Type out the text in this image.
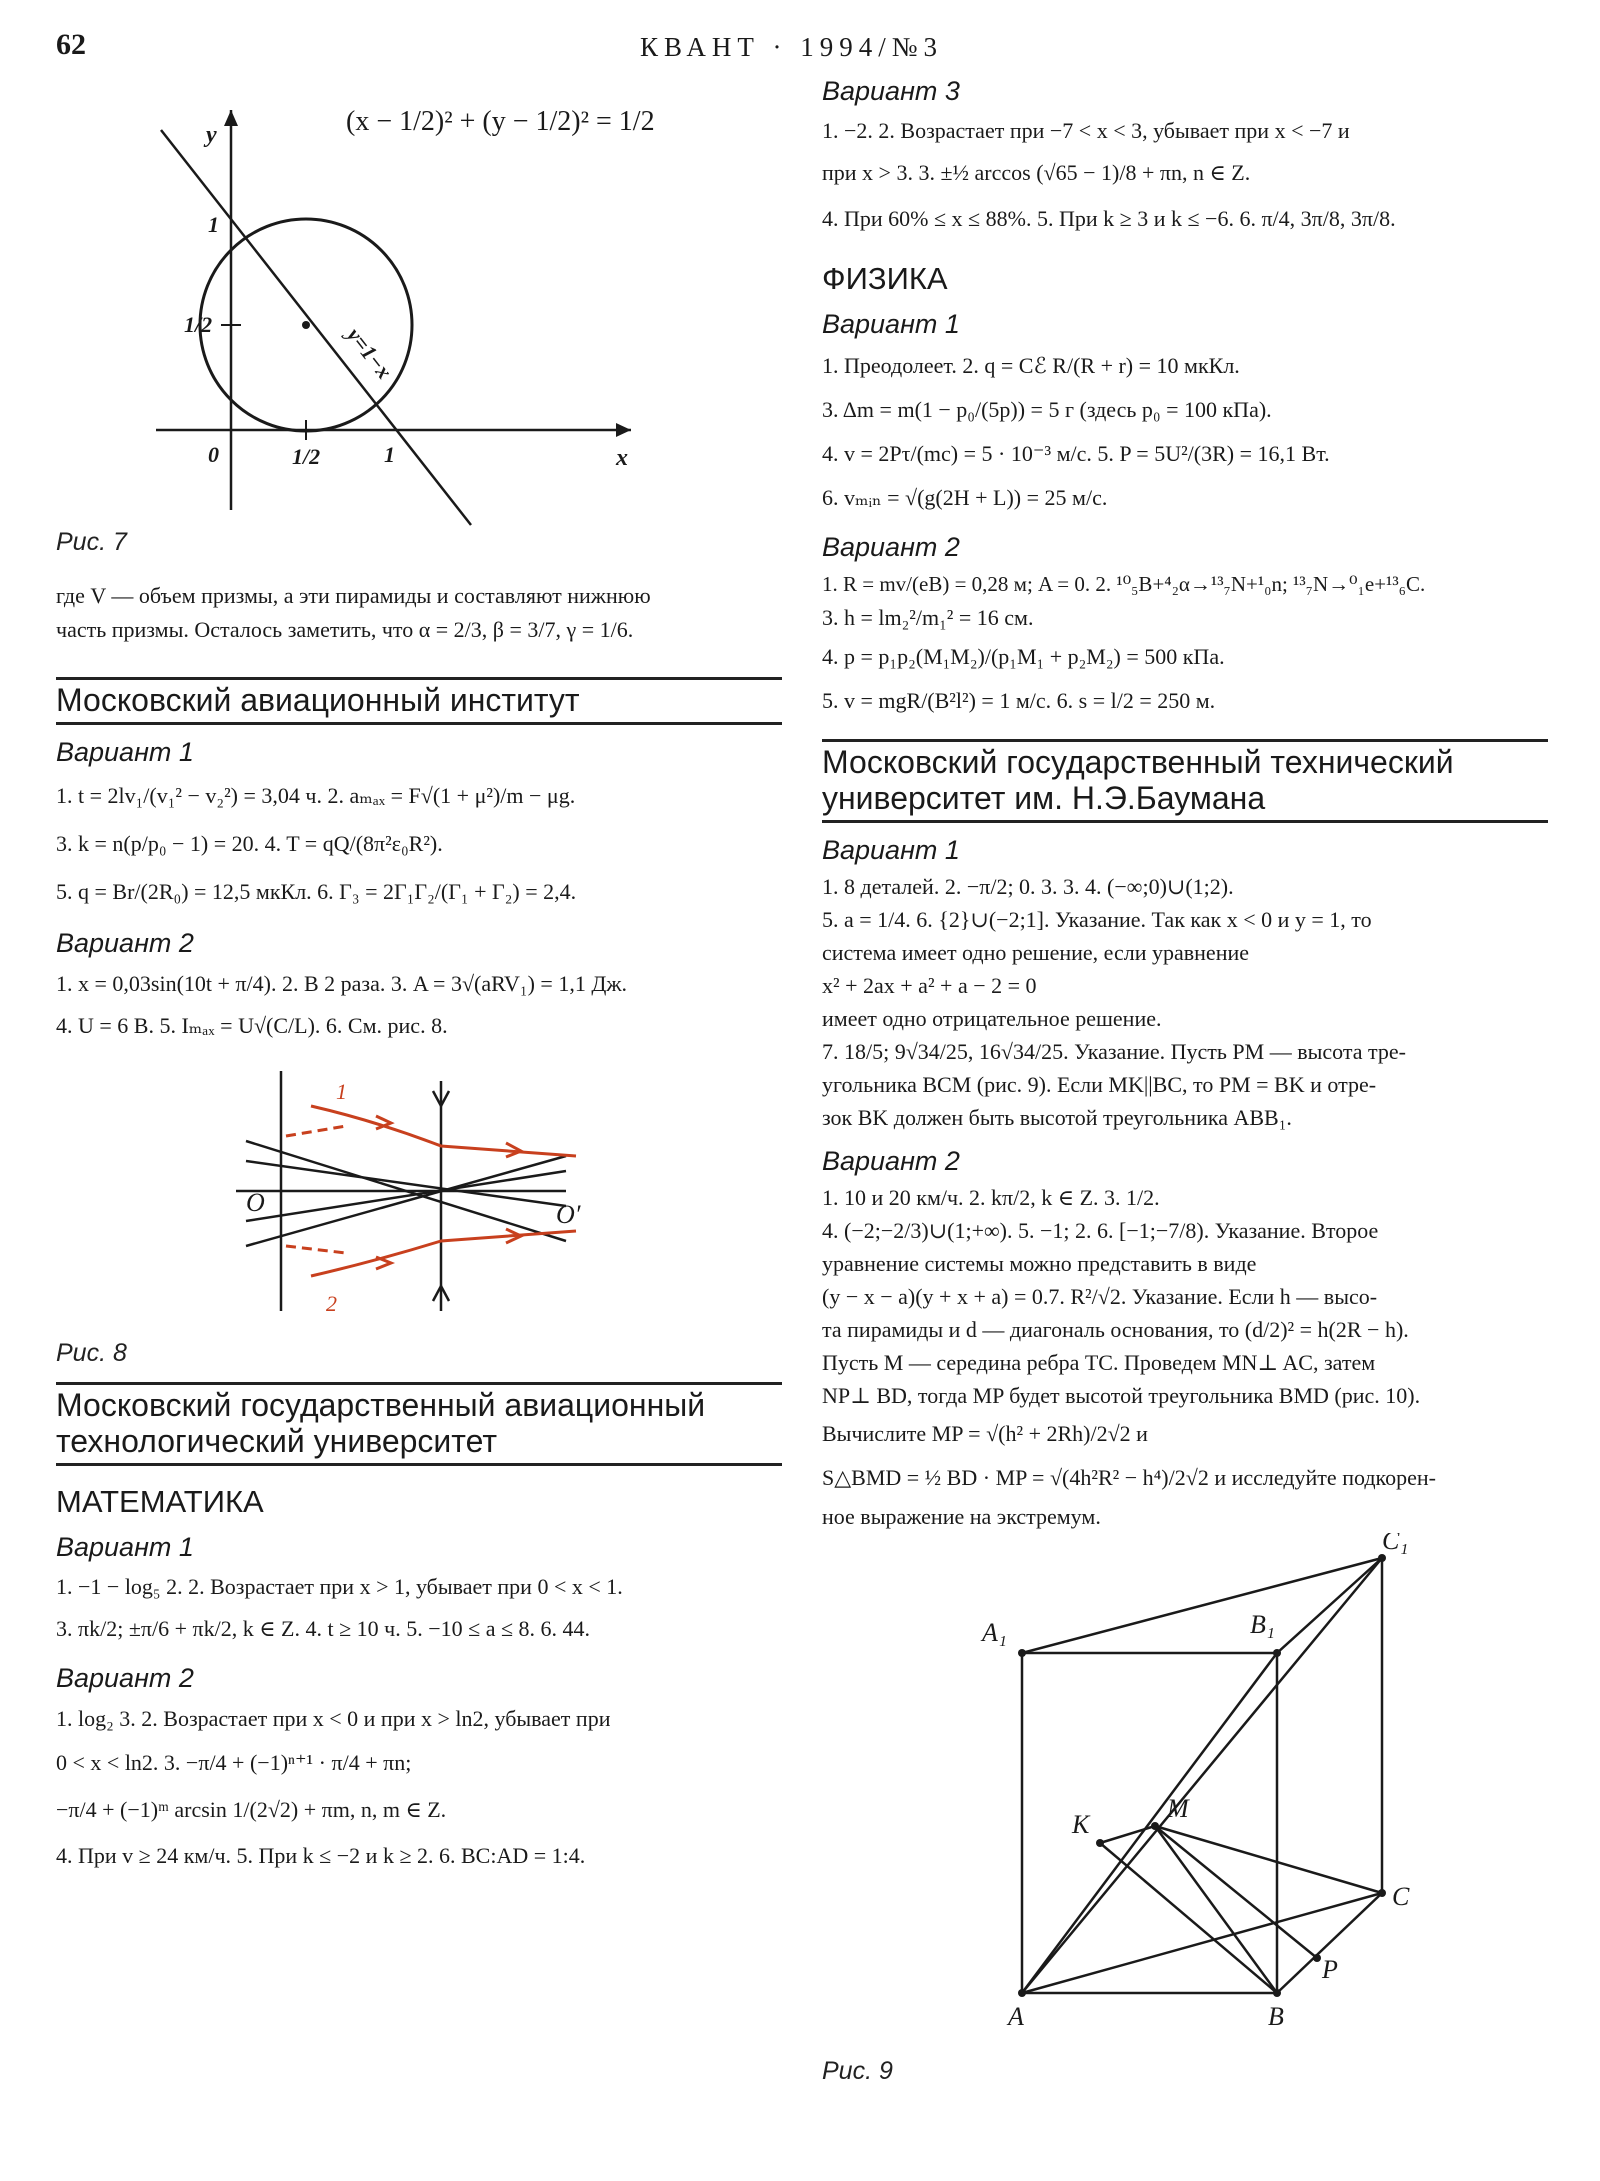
62	КВАНТ · 1994/№3
(x − 1/2)² + (y − 1/2)² = 1/2
y
x
1
1/2
0	1/2	1
y=1−x
Рис. 7

где V — объем призмы, а эти пирамиды и составляют нижнюю

часть призмы. Осталось заметить, что α = 2/3, β = 3/7, γ = 1/6.

Московский авиационный институт
Вариант 1

1. t = 2lv₁/(v₁² − v₂²) = 3,04 ч. 2. aₘₐₓ = F√(1 + μ²)/m − μg.

3. k = n(p/p₀ − 1) = 20. 4. T = qQ/(8π²ε₀R²).

5. q = Br/(2R₀) = 12,5 мкКл. 6. Γ₃ = 2Γ₁Γ₂/(Γ₁ + Γ₂) = 2,4.

Вариант 2

1. x = 0,03sin(10t + π/4). 2. В 2 раза. 3. A = 3√(aRV₁) = 1,1 Дж.

4. U = 6 В. 5. Iₘₐₓ = U√(C/L). 6. См. рис. 8.

O	O′
1
2
Рис. 8
Московский государственный авиационный технологический университет
МАТЕМАТИКА
Вариант 1

1. −1 − log₅ 2. 2. Возрастает при x > 1, убывает при 0 < x < 1.

3. πk/2; ±π/6 + πk/2, k ∈ Z. 4. t ≥ 10 ч. 5. −10 ≤ a ≤ 8. 6. 44.

Вариант 2

1. log₂ 3. 2. Возрастает при x < 0 и при x > ln2, убывает при

0 < x < ln2. 3. −π/4 + (−1)ⁿ⁺¹ · π/4 + πn;

−π/4 + (−1)ᵐ arcsin 1/(2√2) + πm, n, m ∈ Z.

4. При v ≥ 24 км/ч. 5. При k ≤ −2 и k ≥ 2. 6. BC:AD = 1:4.

Вариант 3

1. −2. 2. Возрастает при −7 < x < 3, убывает при x < −7 и

при x > 3. 3. ±½ arccos (√65 − 1)/8 + πn, n ∈ Z.

4. При 60% ≤ x ≤ 88%. 5. При k ≥ 3 и k ≤ −6. 6. π/4, 3π/8, 3π/8.

ФИЗИКА
Вариант 1

1. Преодолеет. 2. q = Cℰ R/(R + r) = 10 мкКл.

3. Δm = m(1 − p₀/(5p)) = 5 г (здесь p₀ = 100 кПа).

4. v = 2Pτ/(mc) = 5 · 10⁻³ м/с. 5. P = 5U²/(3R) = 16,1 Вт.

6. vₘᵢₙ = √(g(2H + L)) = 25 м/с.

Вариант 2

1. R = mv/(eB) = 0,28 м; A = 0. 2. ¹⁰₅B+⁴₂α→¹³₇N+¹₀n; ¹³₇N→⁰₁e+¹³₆C.

3. h = lm₂²/m₁² = 16 см.

4. p = p₁p₂(M₁M₂)/(p₁M₁ + p₂M₂) = 500 кПа.

5. v = mgR/(B²l²) = 1 м/с. 6. s = l/2 = 250 м.

Московский государственный технический университет им. Н.Э.Баумана
Вариант 1

1. 8 деталей. 2. −π/2; 0. 3. 3. 4. (−∞;0)∪(1;2).

5. a = 1/4. 6. {2}∪(−2;1]. Указание. Так как x < 0 и y = 1, то

система имеет одно решение, если уравнение

x² + 2ax + a² + a − 2 = 0

имеет одно отрицательное решение.

7. 18/5; 9√34/25, 16√34/25. Указание. Пусть PM — высота тре-

угольника BCM (рис. 9). Если MK||BC, то PM = BK и отре-

зок BK должен быть высотой треугольника ABB₁.

Вариант 2

1. 10 и 20 км/ч. 2. kπ/2, k ∈ Z. 3. 1/2.

4. (−2;−2/3)∪(1;+∞). 5. −1; 2. 6. [−1;−7/8). Указание. Второе

уравнение системы можно представить в виде

(y − x − a)(y + x + a) = 0.7. R²/√2. Указание. Если h — высо-

та пирамиды и d — диагональ основания, то (d/2)² = h(2R − h).

Пусть M — середина ребра TC. Проведем MN⊥ AC, затем

NP⊥ BD, тогда MP будет высотой треугольника BMD (рис. 10).

Вычислите MP = √(h² + 2Rh)/2√2 и

S△BMD = ½ BD · MP = √(4h²R² − h⁴)/2√2 и исследуйте подкорен-

ное выражение на экстремум.

A₁	B₁
C₁
K
M
C
P
A	B
Рис. 9
